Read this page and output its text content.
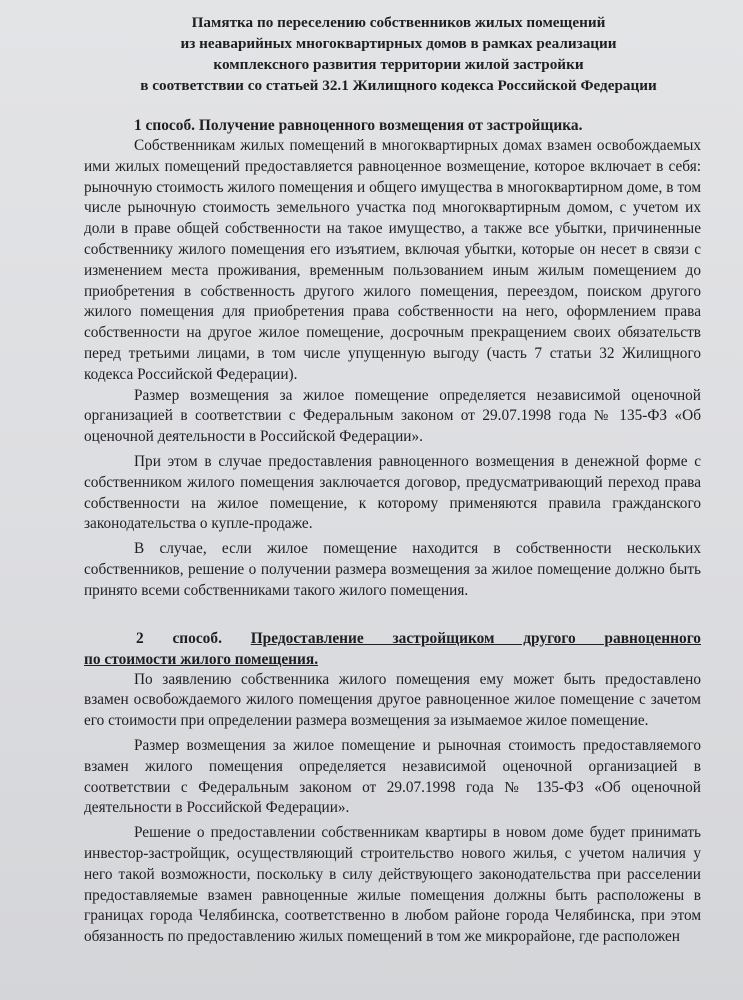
Памятка по переселению собственников жилых помещений
из неаварийных многоквартирных домов в рамках реализации
комплексного развития территории жилой застройки
в соответствии со статьей 32.1 Жилищного кодекса Российской Федерации
1 способ. Получение равноценного возмещения от застройщика.

Собственникам жилых помещений в многоквартирных домах взамен освобождаемых ими жилых помещений предоставляется равноценное возмещение, которое включает в себя: рыночную стоимость жилого помещения и общего имущества в многоквартирном доме, в том числе рыночную стоимость земельного участка под многоквартирным домом, с учетом их доли в праве общей собственности на такое имущество, а также все убытки, причиненные собственнику жилого помещения его изъятием, включая убытки, которые он несет в связи с изменением места проживания, временным пользованием иным жилым помещением до приобретения в собственность другого жилого помещения, переездом, поиском другого жилого помещения для приобретения права собственности на него, оформлением права собственности на другое жилое помещение, досрочным прекращением своих обязательств перед третьими лицами, в том числе упущенную выгоду (часть 7 статьи 32 Жилищного кодекса Российской Федерации).

Размер возмещения за жилое помещение определяется независимой оценочной организацией в соответствии с Федеральным законом от 29.07.1998 года № 135-ФЗ «Об оценочной деятельности в Российской Федерации».

При этом в случае предоставления равноценного возмещения в денежной форме с собственником жилого помещения заключается договор, предусматривающий переход права собственности на жилое помещение, к которому применяются правила гражданского законодательства о купле-продаже.

В случае, если жилое помещение находится в собственности нескольких собственников, решение о получении размера возмещения за жилое помещение должно быть принято всеми собственниками такого жилого помещения.

2 способ. Предоставление застройщиком другого равноценного
по стоимости жилого помещения.

По заявлению собственника жилого помещения ему может быть предоставлено взамен освобождаемого жилого помещения другое равноценное жилое помещение с зачетом его стоимости при определении размера возмещения за изымаемое жилое помещение.

Размер возмещения за жилое помещение и рыночная стоимость предоставляемого взамен жилого помещения определяется независимой оценочной организацией в соответствии с Федеральным законом от 29.07.1998 года № 135-ФЗ «Об оценочной деятельности в Российской Федерации».

Решение о предоставлении собственникам квартиры в новом доме будет принимать инвестор-застройщик, осуществляющий строительство нового жилья, с учетом наличия у него такой возможности, поскольку в силу действующего законодательства при расселении предоставляемые взамен равноценные жилые помещения должны быть расположены в границах города Челябинска, соответственно в любом районе города Челябинска, при этом обязанность по предоставлению жилых помещений в том же микрорайоне, где расположен
